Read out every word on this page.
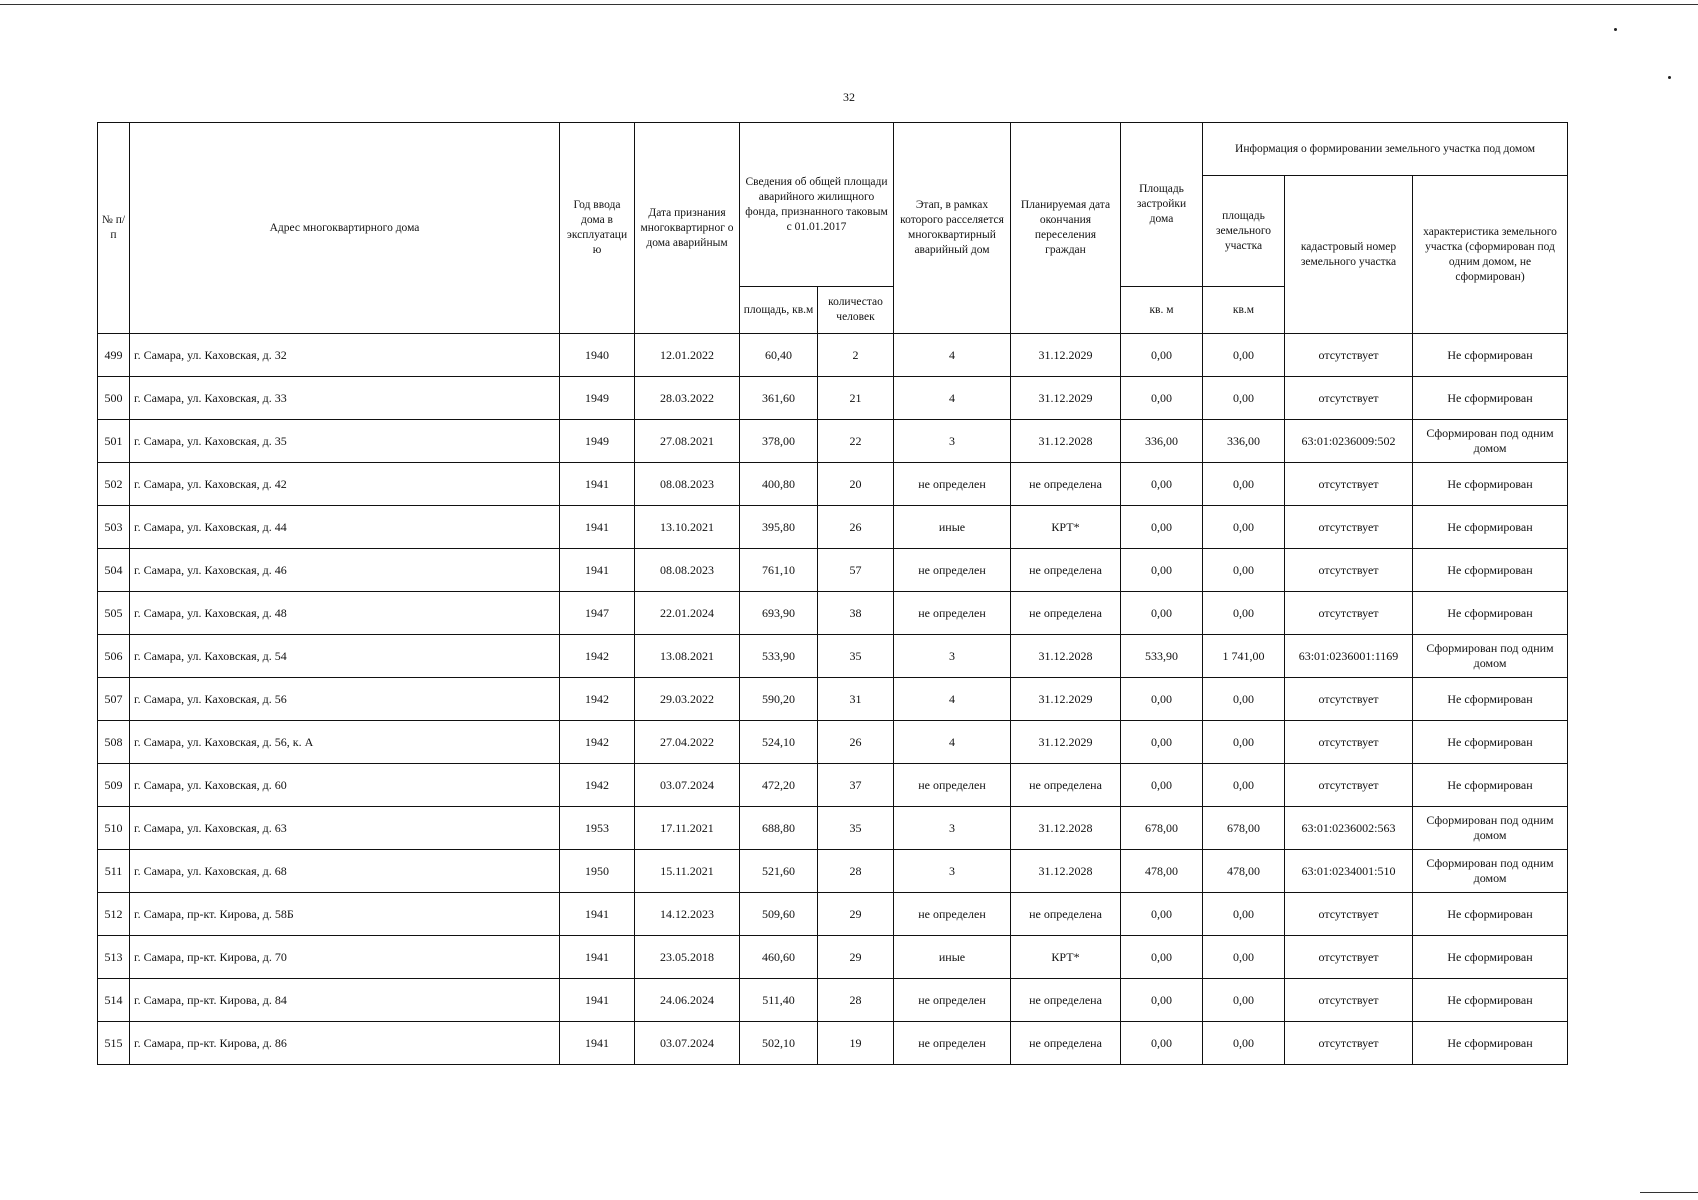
32
№ п/п	Адрес многоквартирного дома	Год ввода дома в эксплуатаци ю	Дата признания многоквартирног о дома аварийным	Сведения об общей площади аварийного жилищного фонда, признанного таковым с 01.01.2017		Этап, в рамках которого расселяется многоквартирный аварийный дом	Планируемая дата окончания переселения граждан	Площадь застройки дома	Информация о формировании земельного участка под домом		
									площадь земельного участка	кадастровый номер земельного участка	характеристика земельного участка (сформирован под одним домом, не сформирован)
				площадь, кв.м	количестао человек			кв. м	кв.м		
499	г. Самара, ул. Каховская, д. 32	1940	12.01.2022	60,40	2	4	31.12.2029	0,00	0,00	отсутствует	Не сформирован
500	г. Самара, ул. Каховская, д. 33	1949	28.03.2022	361,60	21	4	31.12.2029	0,00	0,00	отсутствует	Не сформирован
501	г. Самара, ул. Каховская, д. 35	1949	27.08.2021	378,00	22	3	31.12.2028	336,00	336,00	63:01:0236009:502	Сформирован под одним домом
502	г. Самара, ул. Каховская, д. 42	1941	08.08.2023	400,80	20	не определен	не определена	0,00	0,00	отсутствует	Не сформирован
503	г. Самара, ул. Каховская, д. 44	1941	13.10.2021	395,80	26	иные	КРТ*	0,00	0,00	отсутствует	Не сформирован
504	г. Самара, ул. Каховская, д. 46	1941	08.08.2023	761,10	57	не определен	не определена	0,00	0,00	отсутствует	Не сформирован
505	г. Самара, ул. Каховская, д. 48	1947	22.01.2024	693,90	38	не определен	не определена	0,00	0,00	отсутствует	Не сформирован
506	г. Самара, ул. Каховская, д. 54	1942	13.08.2021	533,90	35	3	31.12.2028	533,90	1 741,00	63:01:0236001:1169	Сформирован под одним домом
507	г. Самара, ул. Каховская, д. 56	1942	29.03.2022	590,20	31	4	31.12.2029	0,00	0,00	отсутствует	Не сформирован
508	г. Самара, ул. Каховская, д. 56, к. А	1942	27.04.2022	524,10	26	4	31.12.2029	0,00	0,00	отсутствует	Не сформирован
509	г. Самара, ул. Каховская, д. 60	1942	03.07.2024	472,20	37	не определен	не определена	0,00	0,00	отсутствует	Не сформирован
510	г. Самара, ул. Каховская, д. 63	1953	17.11.2021	688,80	35	3	31.12.2028	678,00	678,00	63:01:0236002:563	Сформирован под одним домом
511	г. Самара, ул. Каховская, д. 68	1950	15.11.2021	521,60	28	3	31.12.2028	478,00	478,00	63:01:0234001:510	Сформирован под одним домом
512	г. Самара, пр-кт. Кирова, д. 58Б	1941	14.12.2023	509,60	29	не определен	не определена	0,00	0,00	отсутствует	Не сформирован
513	г. Самара, пр-кт. Кирова, д. 70	1941	23.05.2018	460,60	29	иные	КРТ*	0,00	0,00	отсутствует	Не сформирован
514	г. Самара, пр-кт. Кирова, д. 84	1941	24.06.2024	511,40	28	не определен	не определена	0,00	0,00	отсутствует	Не сформирован
515	г. Самара, пр-кт. Кирова, д. 86	1941	03.07.2024	502,10	19	не определен	не определена	0,00	0,00	отсутствует	Не сформирован
